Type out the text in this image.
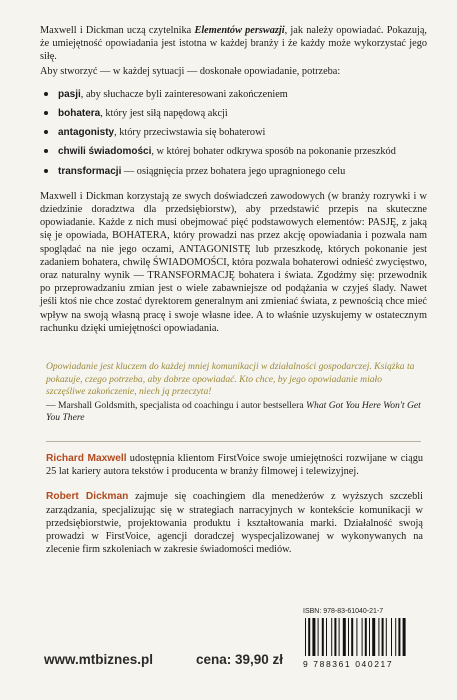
Maxwell i Dickman uczą czytelnika Elementów perswazji, jak należy opowiadać. Pokazują, że umiejętność opowiadania jest istotna w każdej branży i że każdy może wykorzystać jego siłę.

Aby stworzyć — w każdej sytuacji — doskonałe opowiadanie, potrzeba:

pasji, aby słuchacze byli zainteresowani zakończeniem
bohatera, który jest siłą napędową akcji
antagonisty, który przeciwstawia się bohaterowi
chwili świadomości, w której bohater odkrywa sposób na pokonanie przeszkód
transformacji — osiągnięcia przez bohatera jego upragnionego celu

Maxwell i Dickman korzystają ze swych doświadczeń zawodowych (w branży rozrywki i w dziedzinie doradztwa dla przedsiębiorstw), aby przedstawić przepis na skuteczne opowiadanie. Każde z nich musi obejmować pięć podstawowych elementów: PASJĘ, z jaką się je opowiada, BOHATERA, który prowadzi nas przez akcję opowiadania i pozwala nam spoglądać na nie jego oczami, ANTAGONISTĘ lub przeszkodę, których pokonanie jest zadaniem bohatera, chwilę ŚWIADOMOŚCI, która pozwala bohaterowi odnieść zwycięstwo, oraz naturalny wynik — TRANSFORMACJĘ bohatera i świata. Zgodźmy się: przewodnik po przeprowadzaniu zmian jest o wiele zabawniejsze od podążania w czyjeś ślady. Nawet jeśli ktoś nie chce zostać dyrektorem generalnym ani zmieniać świata, z pewnością chce mieć wpływ na swoją własną pracę i swoje własne idee. A to właśnie uzyskujemy w ostatecznym rachunku dzięki umiejętności opowiadania.

Opowiadanie jest kluczem do każdej mniej komunikacji w działalności gospodarczej. Książka ta pokazuje, czego potrzeba, aby dobrze opowiadać. Kto chce, by jego opowiadanie miało szczęśliwe zakończenie, niech ją przeczyta!

— Marshall Goldsmith, specjalista od coachingu i autor bestsellera What Got You Here Won't Get You There

Richard Maxwell udostępnia klientom FirstVoice swoje umiejętności rozwijane w ciągu 25 lat kariery autora tekstów i producenta w branży filmowej i telewizyjnej.

Robert Dickman zajmuje się coachingiem dla menedżerów z wyższych szczebli zarządzania, specjalizując się w strategiach narracyjnych w kontekście komunikacji w przedsiębiorstwie, projektowania produktu i kształtowania marki. Działalność swoją prowadzi w FirstVoice, agencji doradczej wyspecjalizowanej w wykonywanych na zlecenie firm szkoleniach w zakresie świadomości mediów.

www.mtbiznes.pl	cena: 39,90 zł
ISBN: 978-83-61040-21-7
9 788361 040217
